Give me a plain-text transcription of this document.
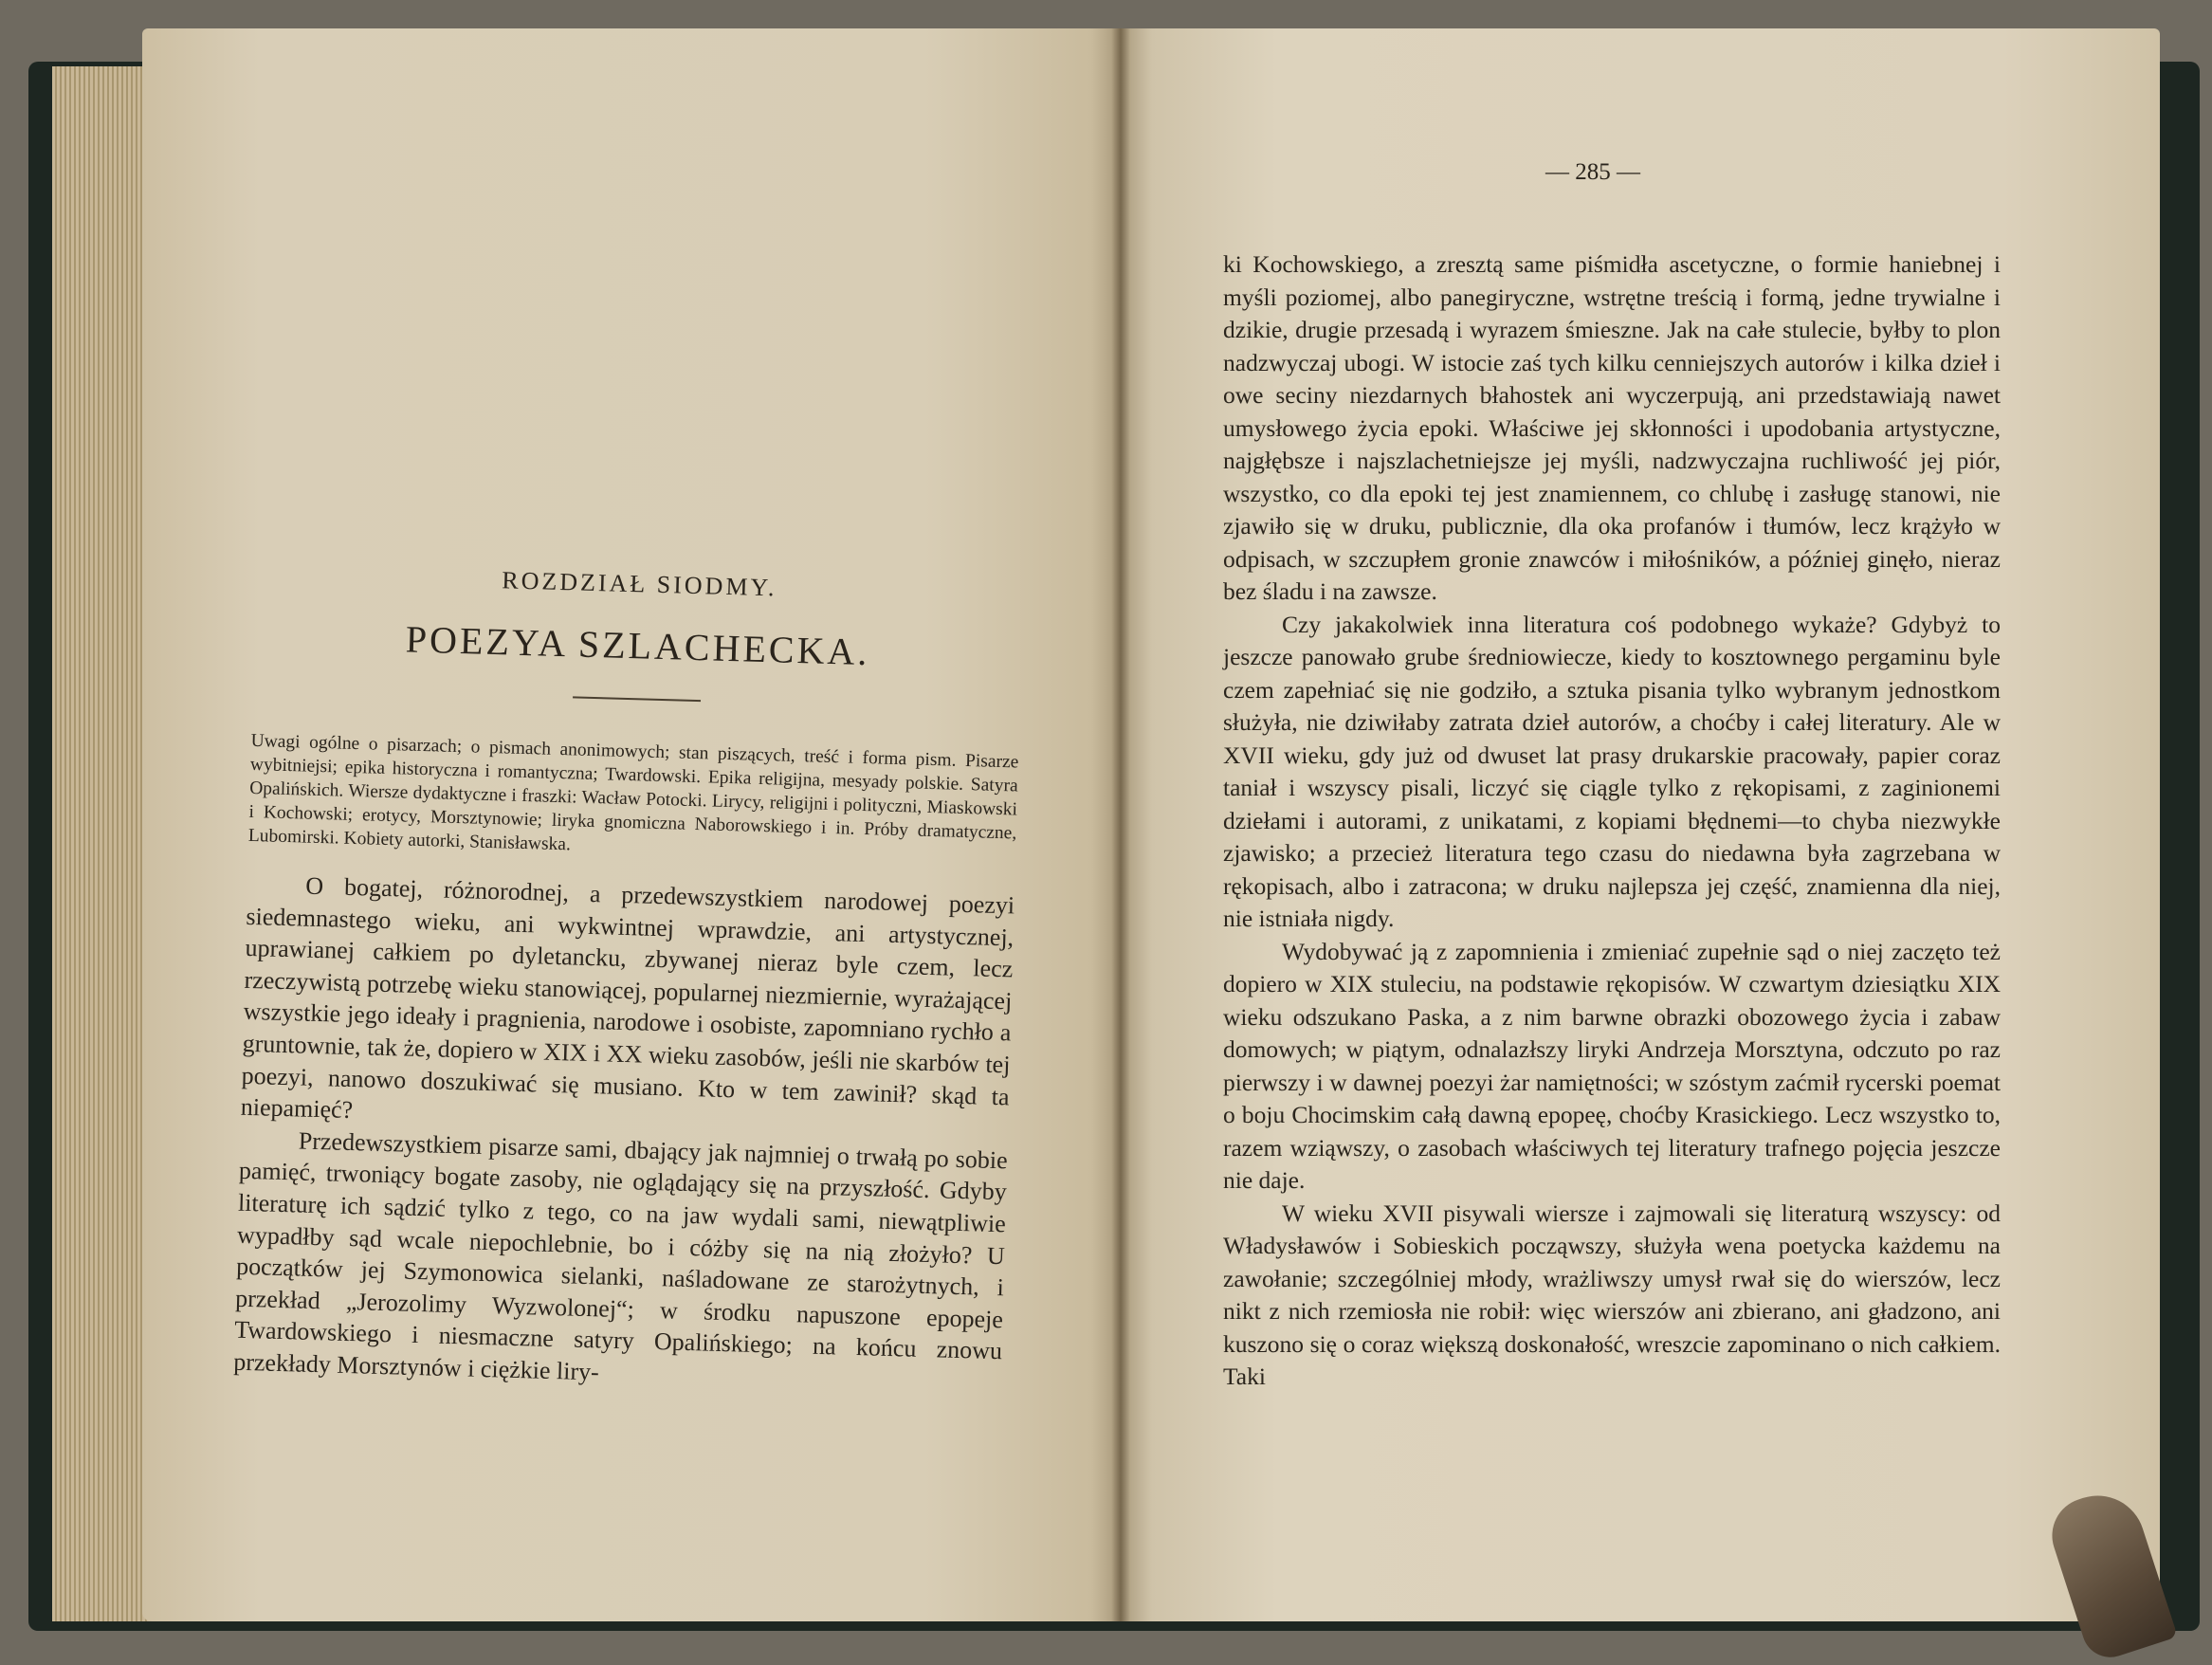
ROZDZIAŁ SIODMY.
POEZYA SZLACHECKA.
Uwagi ogólne o pisarzach; o pismach anonimowych; stan piszących, treść i forma pism. Pisarze wybitniejsi; epika historyczna i romantyczna; Twardowski. Epika religijna, mesyady polskie. Satyra Opalińskich. Wiersze dydaktyczne i fraszki: Wacław Potocki. Lirycy, religijni i polityczni, Miaskowski i Kochowski; erotycy, Morsztynowie; liryka gnomiczna Naborowskiego i in. Próby dramatyczne, Lubomirski. Kobiety autorki, Stanisławska.

O bogatej, różnorodnej, a przedewszystkiem narodowej poezyi siedemnastego wieku, ani wykwintnej wprawdzie, ani artystycznej, uprawianej całkiem po dyletancku, zbywanej nieraz byle czem, lecz rzeczywistą potrzebę wieku stanowiącej, popularnej niezmiernie, wyrażającej wszystkie jego ideały i pragnienia, narodowe i osobiste, zapomniano rychło a gruntownie, tak że, dopiero w XIX i XX wieku zasobów, jeśli nie skarbów tej poezyi, nanowo doszukiwać się musiano. Kto w tem zawinił? skąd ta niepamięć?

Przedewszystkiem pisarze sami, dbający jak najmniej o trwałą po sobie pamięć, trwoniący bogate zasoby, nie oglądający się na przyszłość. Gdyby literaturę ich sądzić tylko z tego, co na jaw wydali sami, niewątpliwie wypadłby sąd wcale niepochlebnie, bo i cóżby się na nią złożyło? U początków jej Szymonowica sielanki, naśladowane ze starożytnych, i przekład „Jerozolimy Wyzwolonej“; w środku napuszone epopeje Twardowskiego i niesmaczne satyry Opalińskiego; na końcu znowu przekłady Morsztynów i ciężkie liry-

— 285 —

ki Kochowskiego, a zresztą same piśmidła ascetyczne, o formie haniebnej i myśli poziomej, albo panegiryczne, wstrętne treścią i formą, jedne trywialne i dzikie, drugie przesadą i wyrazem śmieszne. Jak na całe stulecie, byłby to plon nadzwyczaj ubogi. W istocie zaś tych kilku cenniejszych autorów i kilka dzieł i owe seciny niezdarnych błahostek ani wyczerpują, ani przedstawiają nawet umysłowego życia epoki. Właściwe jej skłonności i upodobania artystyczne, najgłębsze i najszlachetniejsze jej myśli, nadzwyczajna ruchliwość jej piór, wszystko, co dla epoki tej jest znamiennem, co chlubę i zasługę stanowi, nie zjawiło się w druku, publicznie, dla oka profanów i tłumów, lecz krążyło w odpisach, w szczupłem gronie znawców i miłośników, a później ginęło, nieraz bez śladu i na zawsze.

Czy jakakolwiek inna literatura coś podobnego wykaże? Gdybyż to jeszcze panowało grube średniowiecze, kiedy to kosztownego pergaminu byle czem zapełniać się nie godziło, a sztuka pisania tylko wybranym jednostkom służyła, nie dziwiłaby zatrata dzieł autorów, a choćby i całej literatury. Ale w XVII wieku, gdy już od dwuset lat prasy drukarskie pracowały, papier coraz taniał i wszyscy pisali, liczyć się ciągle tylko z rękopisami, z zaginionemi dziełami i autorami, z unikatami, z kopiami błędnemi—to chyba niezwykłe zjawisko; a przecież literatura tego czasu do niedawna była zagrzebana w rękopisach, albo i zatracona; w druku najlepsza jej część, znamienna dla niej, nie istniała nigdy.

Wydobywać ją z zapomnienia i zmieniać zupełnie sąd o niej zaczęto też dopiero w XIX stuleciu, na podstawie rękopisów. W czwartym dziesiątku XIX wieku odszukano Paska, a z nim barwne obrazki obozowego życia i zabaw domowych; w piątym, odnalazłszy liryki Andrzeja Morsztyna, odczuto po raz pierwszy i w dawnej poezyi żar namiętności; w szóstym zaćmił rycerski poemat o boju Chocimskim całą dawną epopeę, choćby Krasickiego. Lecz wszystko to, razem wziąwszy, o zasobach właściwych tej literatury trafnego pojęcia jeszcze nie daje.

W wieku XVII pisywali wiersze i zajmowali się literaturą wszyscy: od Władysławów i Sobieskich począwszy, służyła wena poetycka każdemu na zawołanie; szczególniej młody, wrażliwszy umysł rwał się do wierszów, lecz nikt z nich rzemiosła nie robił: więc wierszów ani zbierano, ani gładzono, ani kuszono się o coraz większą doskonałość, wreszcie zapominano o nich całkiem. Taki
